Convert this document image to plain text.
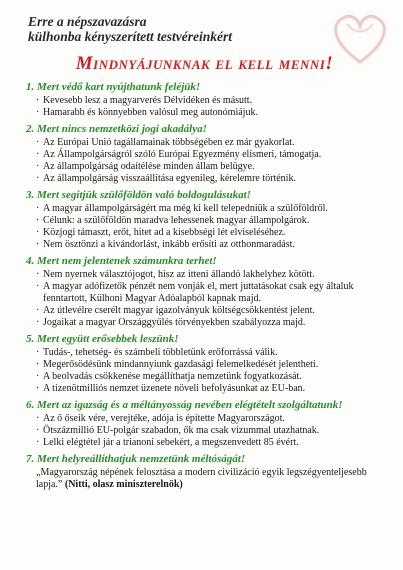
Erre a népszavazásra
külhonba kényszerített testvéreinkért
Mindnyájunknak el kell menni!
1. Mert védő kart nyújthatunk feléjük!
· Kevesebb lesz a magyarverés Délvidéken és másutt.
· Hamarabb és könnyebben valósul meg autonómiájuk.
2. Mert nincs nemzetközi jogi akadálya!
· Az Európai Unió tagállamainak többségében ez már gyakorlat.
· Az Állampolgárságról szóló Európai Egyezmény elismeri, támogatja.
· Az állampolgárság odaítélése minden állam belügye.
· Az állampolgárság visszaállítása egyenileg, kérelemre történik.
3. Mert segítjük szülőföldön való boldogulásukat!
· A magyar állampolgárságért ma még ki kell telepedniük a szülőföldről.
· Célunk: a szülőföldön maradva lehessenek magyar állampolgárok.
· Közjogi támaszt, erőt, hitet ad a kisebbségi lét elviseléséhez.
· Nem ösztönzi a kivándorlást, inkább erősíti az otthonmaradást.
4. Mert nem jelentenek számunkra terhet!
· Nem nyernek választójogot, hisz az itteni állandó lakhelyhez kötött.
· A magyar adófizetők pénzét nem vonják el, mert juttatásokat csak egy általuk fenntartott, Külhoni Magyar Adóalapból kapnak majd.
· Az útlevélre cserélt magyar igazolványuk költségcsökkentést jelent.
· Jogaikat a magyar Országgyűlés törvényekben szabályozza majd.
5. Mert együtt erősebbek leszünk!
· Tudás-, tehetség- és számbeli többletünk erőforrássá válik.
· Megerősödésünk mindannyiunk gazdasági felemelkedését jelentheti.
· A beolvadás csökkenése megállíthatja nemzetünk fogyatkozását.
· A tizenötmilliós nemzet üzenete növeli befolyásunkat az EU-ban.
6. Mert az igazság és a méltányosság nevében elégtételt szolgáltatunk!
· Az ő őseik vére, verejtéke, adója is építette Magyarországot.
· Ötszázmillió EU-polgár szabadon, ők ma csak vízummal utazhatnak.
· Lelki elégtétel jár a trianoni sebekért, a megszenvedett 85 évért.
7. Mert helyreállíthatjuk nemzetünk méltóságát!
„Magyarország népének felosztása a modern civilizáció egyik legszégyenteljesebb lapja.” (Nitti, olasz miniszterelnök)
